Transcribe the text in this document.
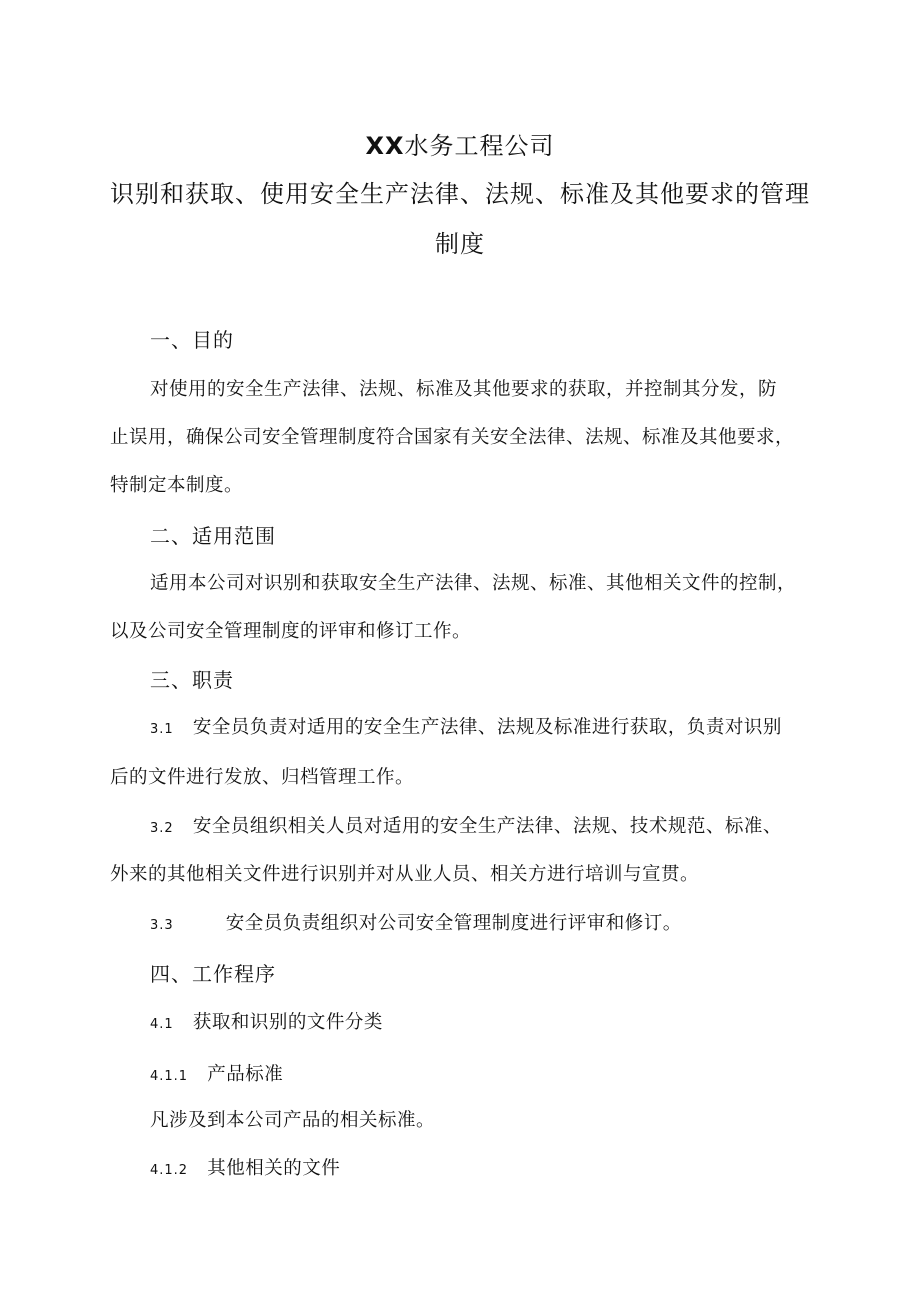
XX水务工程公司
识别和获取、使用安全生产法律、法规、标准及其他要求的管理
制度
一、目的
对使用的安全生产法律、法规、标准及其他要求的获取，并控制其分发，防
止误用，确保公司安全管理制度符合国家有关安全法律、法规、标准及其他要求，
特制定本制度。
二、适用范围
适用本公司对识别和获取安全生产法律、法规、标准、其他相关文件的控制，
以及公司安全管理制度的评审和修订工作。
三、职责
3.1 安全员负责对适用的安全生产法律、法规及标准进行获取，负责对识别
后的文件进行发放、归档管理工作。
3.2 安全员组织相关人员对适用的安全生产法律、法规、技术规范、标准、
外来的其他相关文件进行识别并对从业人员、相关方进行培训与宣贯。
3.3	安全员负责组织对公司安全管理制度进行评审和修订。
四、工作程序
4.1 获取和识别的文件分类
4.1.1 产品标准
凡涉及到本公司产品的相关标准。
4.1.2 其他相关的文件
